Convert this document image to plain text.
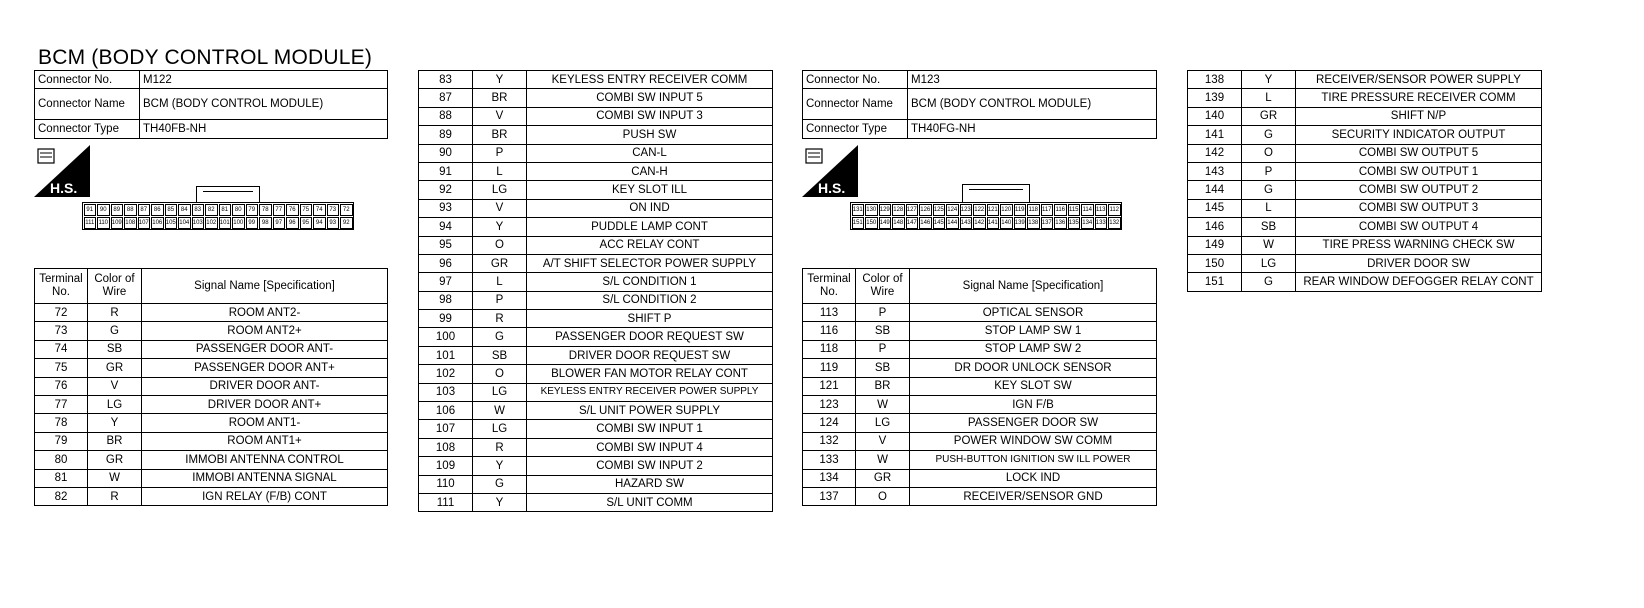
BCM (BODY CONTROL MODULE)
Connector No.	M122
Connector Name	BCM (BODY CONTROL MODULE)
Connector Type	TH40FB-NH
H.S.
91	90	89	88	87	86	85	84	83	82	81	80	79	78	77	76	75	74	73	72
111 110 109 108 107 106 105 104 103 102 101 100 99	98	97	96	95	94	93	92
Terminal No.	Color of Wire	Signal Name [Specification]
72	R	ROOM ANT2-
73	G	ROOM ANT2+
74	SB	PASSENGER DOOR ANT-
75	GR	PASSENGER DOOR ANT+
76	V	DRIVER DOOR ANT-
77	LG	DRIVER DOOR ANT+
78	Y	ROOM ANT1-
79	BR	ROOM ANT1+
80	GR	IMMOBI ANTENNA CONTROL
81	W	IMMOBI ANTENNA SIGNAL
82	R	IGN RELAY (F/B) CONT
83	Y	KEYLESS ENTRY RECEIVER COMM
87	BR	COMBI SW INPUT 5
88	V	COMBI SW INPUT 3
89	BR	PUSH SW
90	P	CAN-L
91	L	CAN-H
92	LG	KEY SLOT ILL
93	V	ON IND
94	Y	PUDDLE LAMP CONT
95	O	ACC RELAY CONT
96	GR	A/T SHIFT SELECTOR POWER SUPPLY
97	L	S/L CONDITION 1
98	P	S/L CONDITION 2
99	R	SHIFT P
100	G	PASSENGER DOOR REQUEST SW
101	SB	DRIVER DOOR REQUEST SW
102	O	BLOWER FAN MOTOR RELAY CONT
103	LG	KEYLESS ENTRY RECEIVER POWER SUPPLY
106	W	S/L UNIT POWER SUPPLY
107	LG	COMBI SW INPUT 1
108	R	COMBI SW INPUT 4
109	Y	COMBI SW INPUT 2
110	G	HAZARD SW
111	Y	S/L UNIT COMM
Connector No.	M123
Connector Name	BCM (BODY CONTROL MODULE)
Connector Type	TH40FG-NH
H.S.
131 130 129 128 127 126 125 124 123 122 121 120 119 118 117 116 115 114 113 112
151 150 149 148 147 146 145 144 143 142 141 140 139 138 137 136 135 134 133 132
Terminal No.	Color of Wire	Signal Name [Specification]
113	P	OPTICAL SENSOR
116	SB	STOP LAMP SW 1
118	P	STOP LAMP SW 2
119	SB	DR DOOR UNLOCK SENSOR
121	BR	KEY SLOT SW
123	W	IGN F/B
124	LG	PASSENGER DOOR SW
132	V	POWER WINDOW SW COMM
133	W	PUSH-BUTTON IGNITION SW ILL POWER
134	GR	LOCK IND
137	O	RECEIVER/SENSOR GND
138	Y	RECEIVER/SENSOR POWER SUPPLY
139	L	TIRE PRESSURE RECEIVER COMM
140	GR	SHIFT N/P
141	G	SECURITY INDICATOR OUTPUT
142	O	COMBI SW OUTPUT 5
143	P	COMBI SW OUTPUT 1
144	G	COMBI SW OUTPUT 2
145	L	COMBI SW OUTPUT 3
146	SB	COMBI SW OUTPUT 4
149	W	TIRE PRESS WARNING CHECK SW
150	LG	DRIVER DOOR SW
151	G	REAR WINDOW DEFOGGER RELAY CONT
